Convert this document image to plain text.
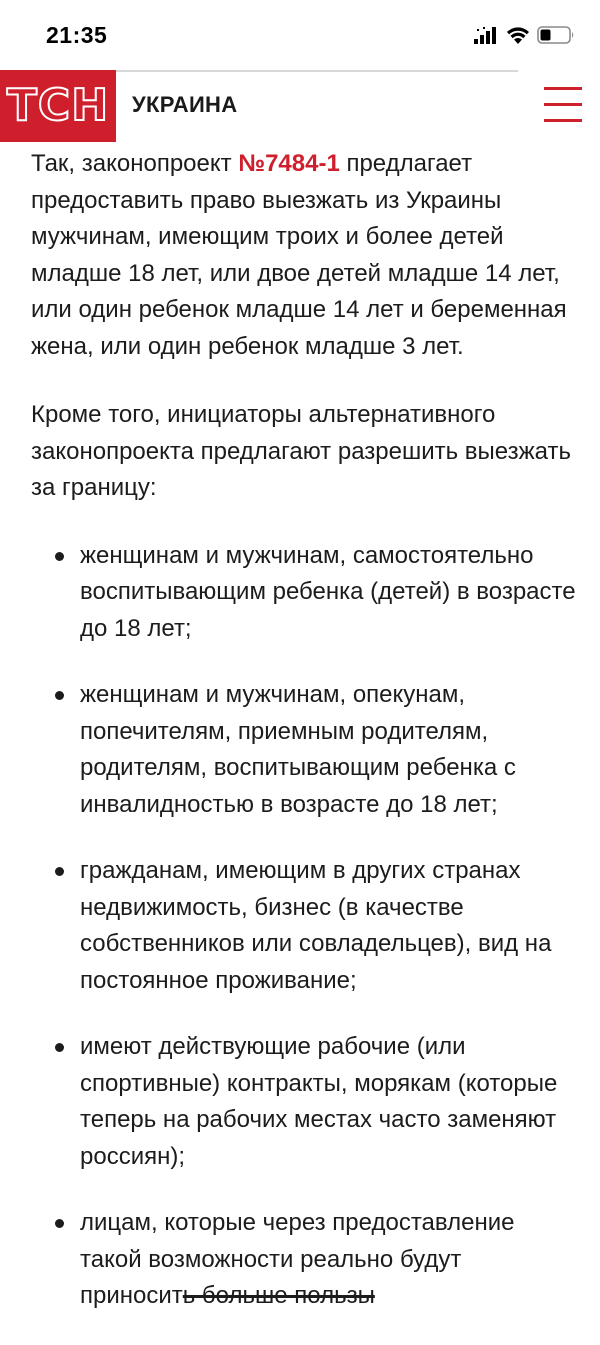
21:35
ТСН УКРАИНА

Так, законопроект №7484-1 предлагает предоставить право выезжать из Украины мужчинам, имеющим троих и более детей младше 18 лет, или двое детей младше 14 лет, или один ребенок младше 14 лет и беременная жена, или один ребенок младше 3 лет.

Кроме того, инициаторы альтернативного законопроекта предлагают разрешить выезжать за границу:

женщинам и мужчинам, самостоятельно воспитывающим ребенка (детей) в возрасте до 18 лет;
женщинам и мужчинам, опекунам, попечителям, приемным родителям, родителям, воспитывающим ребенка с инвалидностью в возрасте до 18 лет;
гражданам, имеющим в других странах недвижимость, бизнес (в качестве собственников или совладельцев), вид на постоянное проживание;
имеют действующие рабочие (или спортивные) контракты, морякам (которые теперь на рабочих местах часто заменяют россиян);
лицам, которые через предоставление такой возможности реально будут приносить больше пользы
